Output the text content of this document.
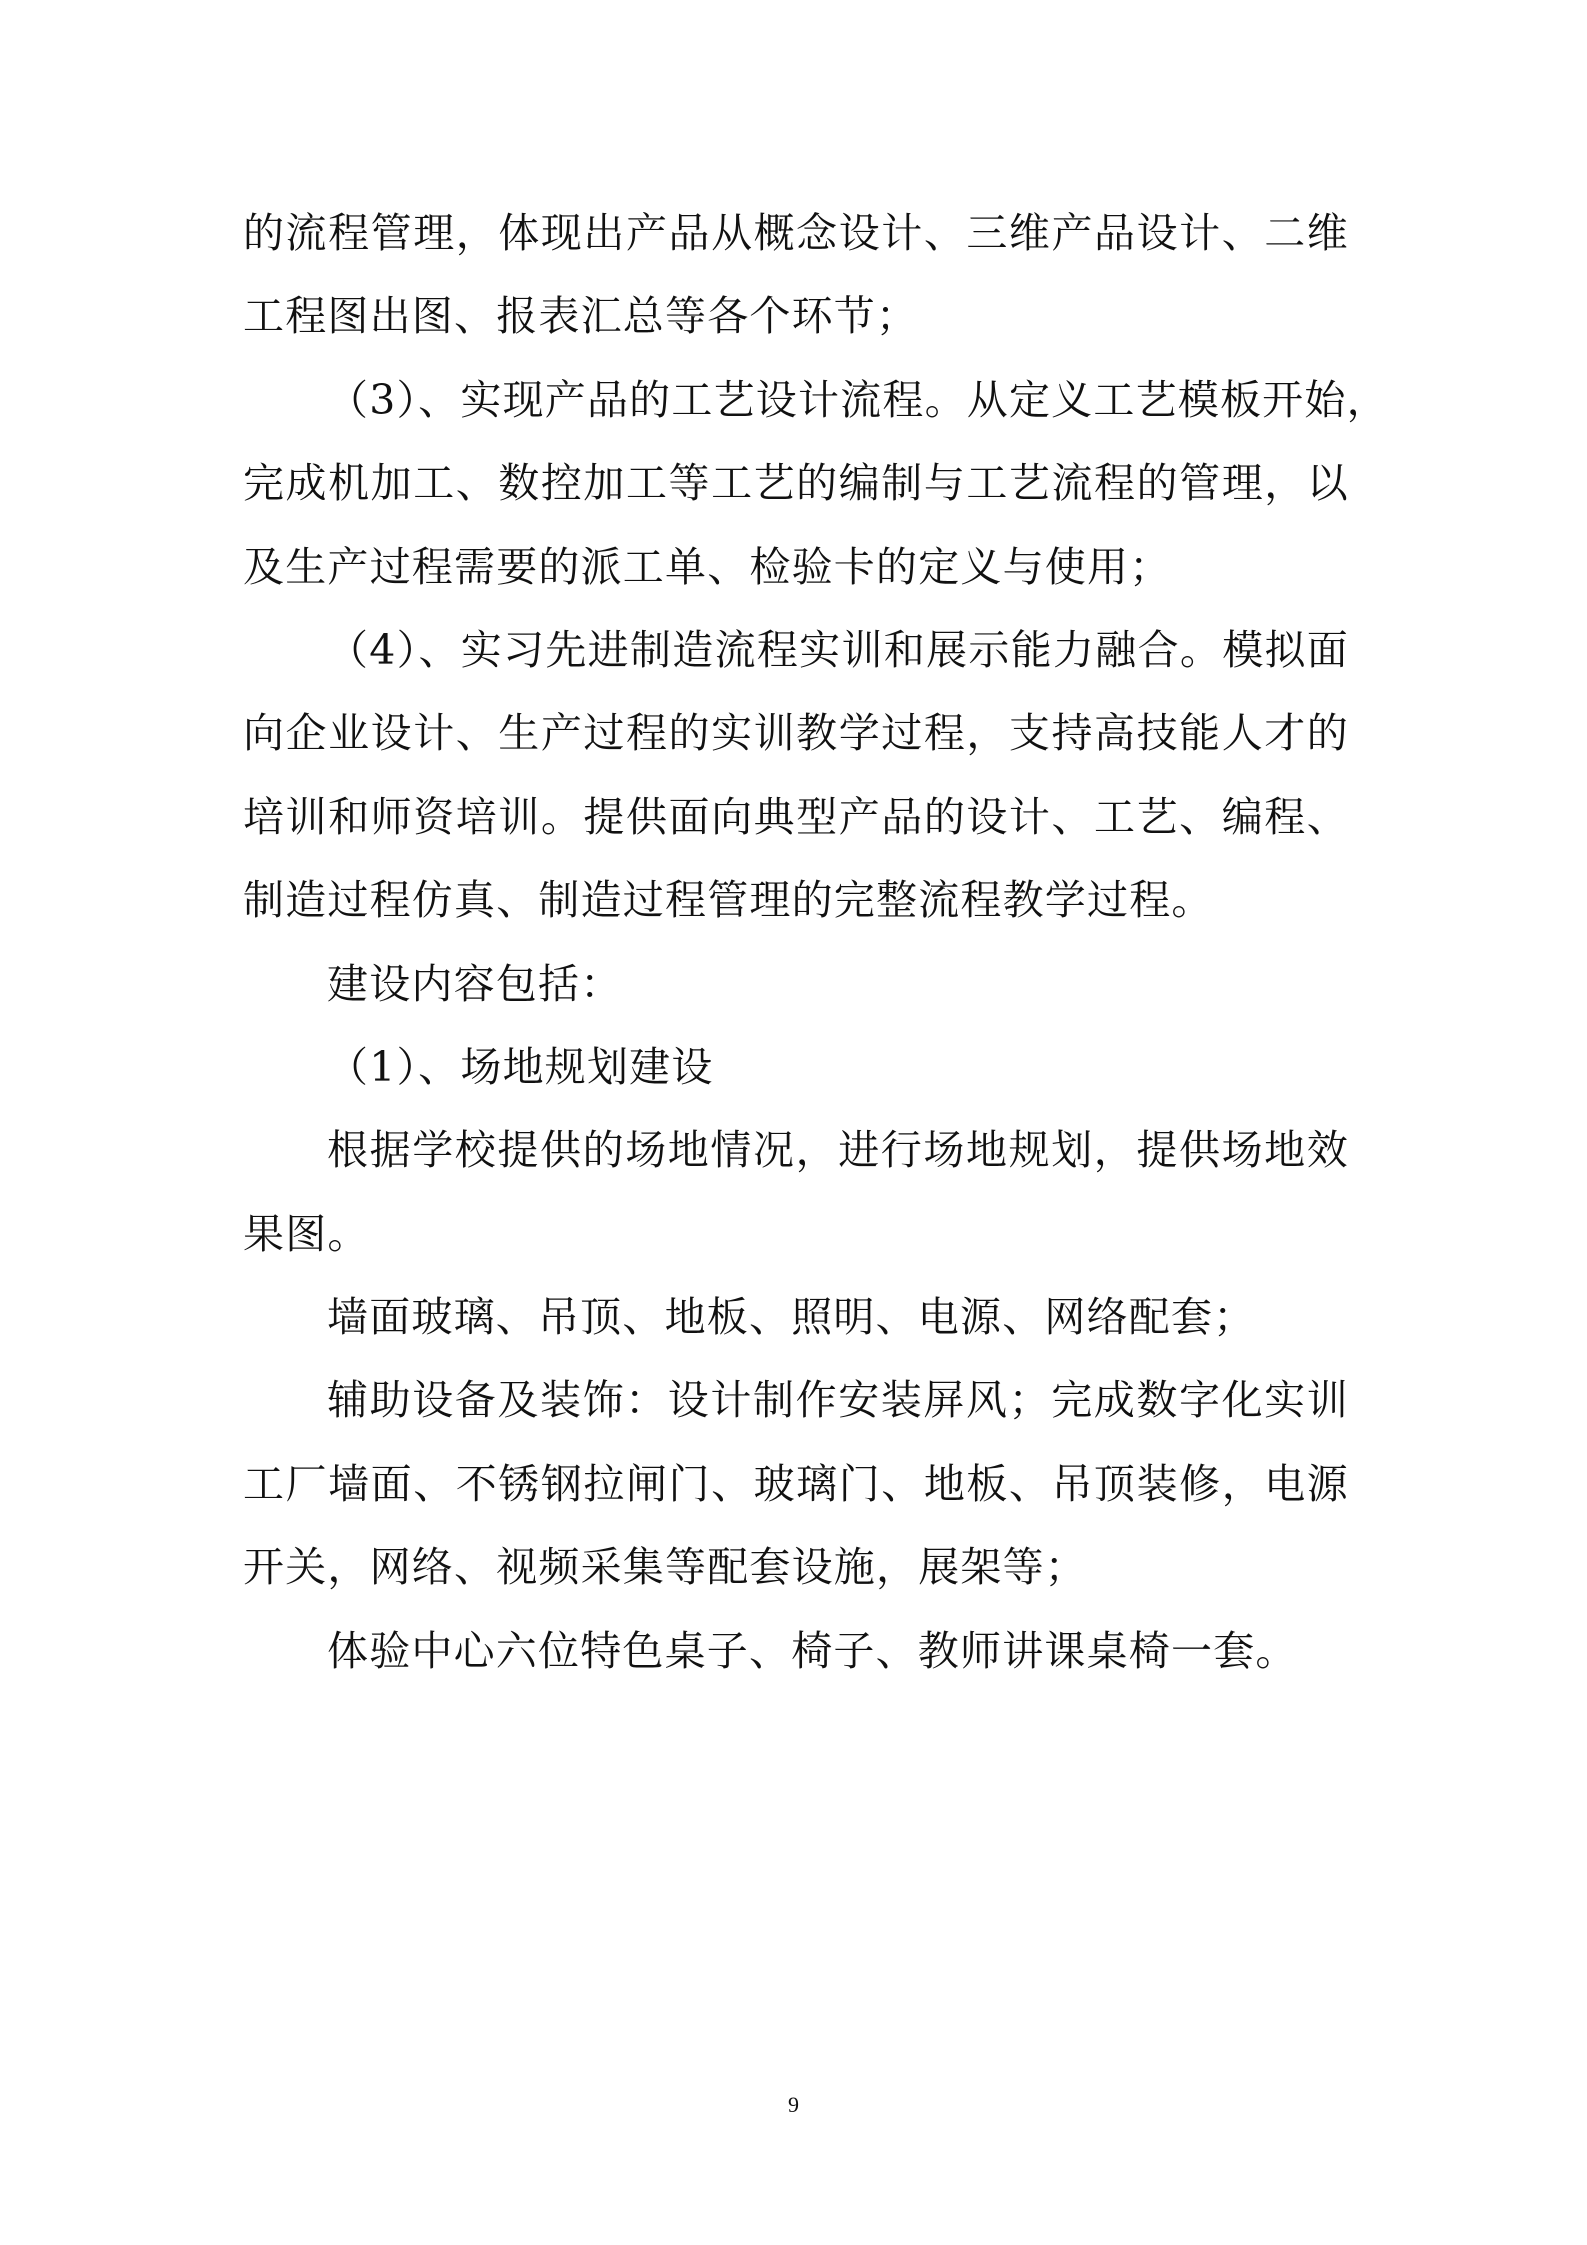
的流程管理，体现出产品从概念设计、三维产品设计、二维
工程图出图、报表汇总等各个环节；

（3）、实现产品的工艺设计流程。从定义工艺模板开始，
完成机加工、数控加工等工艺的编制与工艺流程的管理，以
及生产过程需要的派工单、检验卡的定义与使用；

（4）、实习先进制造流程实训和展示能力融合。模拟面
向企业设计、生产过程的实训教学过程，支持高技能人才的
培训和师资培训。提供面向典型产品的设计、工艺、编程、
制造过程仿真、制造过程管理的完整流程教学过程。

建设内容包括：

（1）、场地规划建设

根据学校提供的场地情况，进行场地规划，提供场地效
果图。

墙面玻璃、吊顶、地板、照明、电源、网络配套；

辅助设备及装饰：设计制作安装屏风；完成数字化实训
工厂墙面、不锈钢拉闸门、玻璃门、地板、吊顶装修，电源
开关，网络、视频采集等配套设施，展架等；

体验中心六位特色桌子、椅子、教师讲课桌椅一套。

9
